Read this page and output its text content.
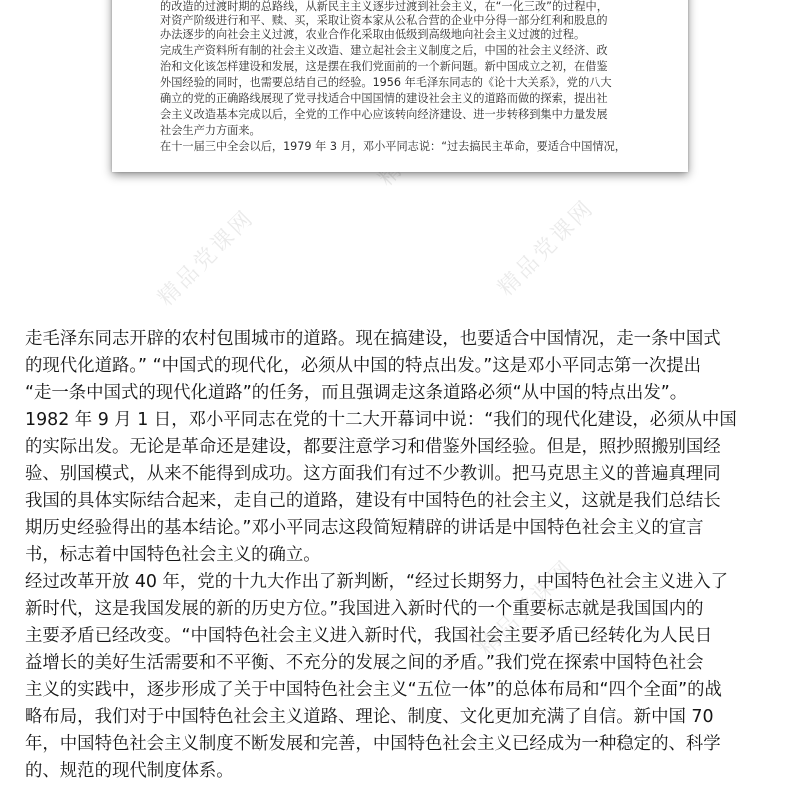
精品党课网	精品党课网
精品党课网
的改造的过渡时期的总路线，从新民主主义逐步过渡到社会主义，在“一化三改”的过程中，
对资产阶级进行和平、赎、买，采取让资本家从公私合营的企业中分得一部分红利和股息的
办法逐步的向社会主义过渡，农业合作化采取由低级到高级地向社会主义过渡的过程。
完成生产资料所有制的社会主义改造、建立起社会主义制度之后，中国的社会主义经济、政
治和文化该怎样建设和发展，这是摆在我们党面前的一个新问题。新中国成立之初，在借鉴
外国经验的同时，也需要总结自己的经验。1956 年毛泽东同志的《论十大关系》，党的八大
确立的党的正确路线展现了党寻找适合中国国情的建设社会主义的道路而做的探索，提出社
会主义改造基本完成以后，全党的工作中心应该转向经济建设、进一步转移到集中力量发展
社会生产力方面来。
在十一届三中全会以后，1979 年 3 月，邓小平同志说：“过去搞民主革命，要适合中国情况，
走毛泽东同志开辟的农村包围城市的道路。现在搞建设，也要适合中国情况，走一条中国式
的现代化道路。” “中国式的现代化，必须从中国的特点出发。”这是邓小平同志第一次提出
“走一条中国式的现代化道路”的任务，而且强调走这条道路必须“从中国的特点出发”。
1982 年 9 月 1 日，邓小平同志在党的十二大开幕词中说：“我们的现代化建设，必须从中国
的实际出发。无论是革命还是建设，都要注意学习和借鉴外国经验。但是，照抄照搬别国经
验、别国模式，从来不能得到成功。这方面我们有过不少教训。把马克思主义的普遍真理同
我国的具体实际结合起来，走自己的道路，建设有中国特色的社会主义，这就是我们总结长
期历史经验得出的基本结论。”邓小平同志这段简短精辟的讲话是中国特色社会主义的宣言
书，标志着中国特色社会主义的确立。
经过改革开放 40 年，党的十九大作出了新判断，“经过长期努力，中国特色社会主义进入了
新时代，这是我国发展的新的历史方位。”我国进入新时代的一个重要标志就是我国国内的
主要矛盾已经改变。“中国特色社会主义进入新时代，我国社会主要矛盾已经转化为人民日
益增长的美好生活需要和不平衡、不充分的发展之间的矛盾。”我们党在探索中国特色社会
主义的实践中，逐步形成了关于中国特色社会主义“五位一体”的总体布局和“四个全面”的战
略布局，我们对于中国特色社会主义道路、理论、制度、文化更加充满了自信。新中国 70
年，中国特色社会主义制度不断发展和完善，中国特色社会主义已经成为一种稳定的、科学
的、规范的现代制度体系。
